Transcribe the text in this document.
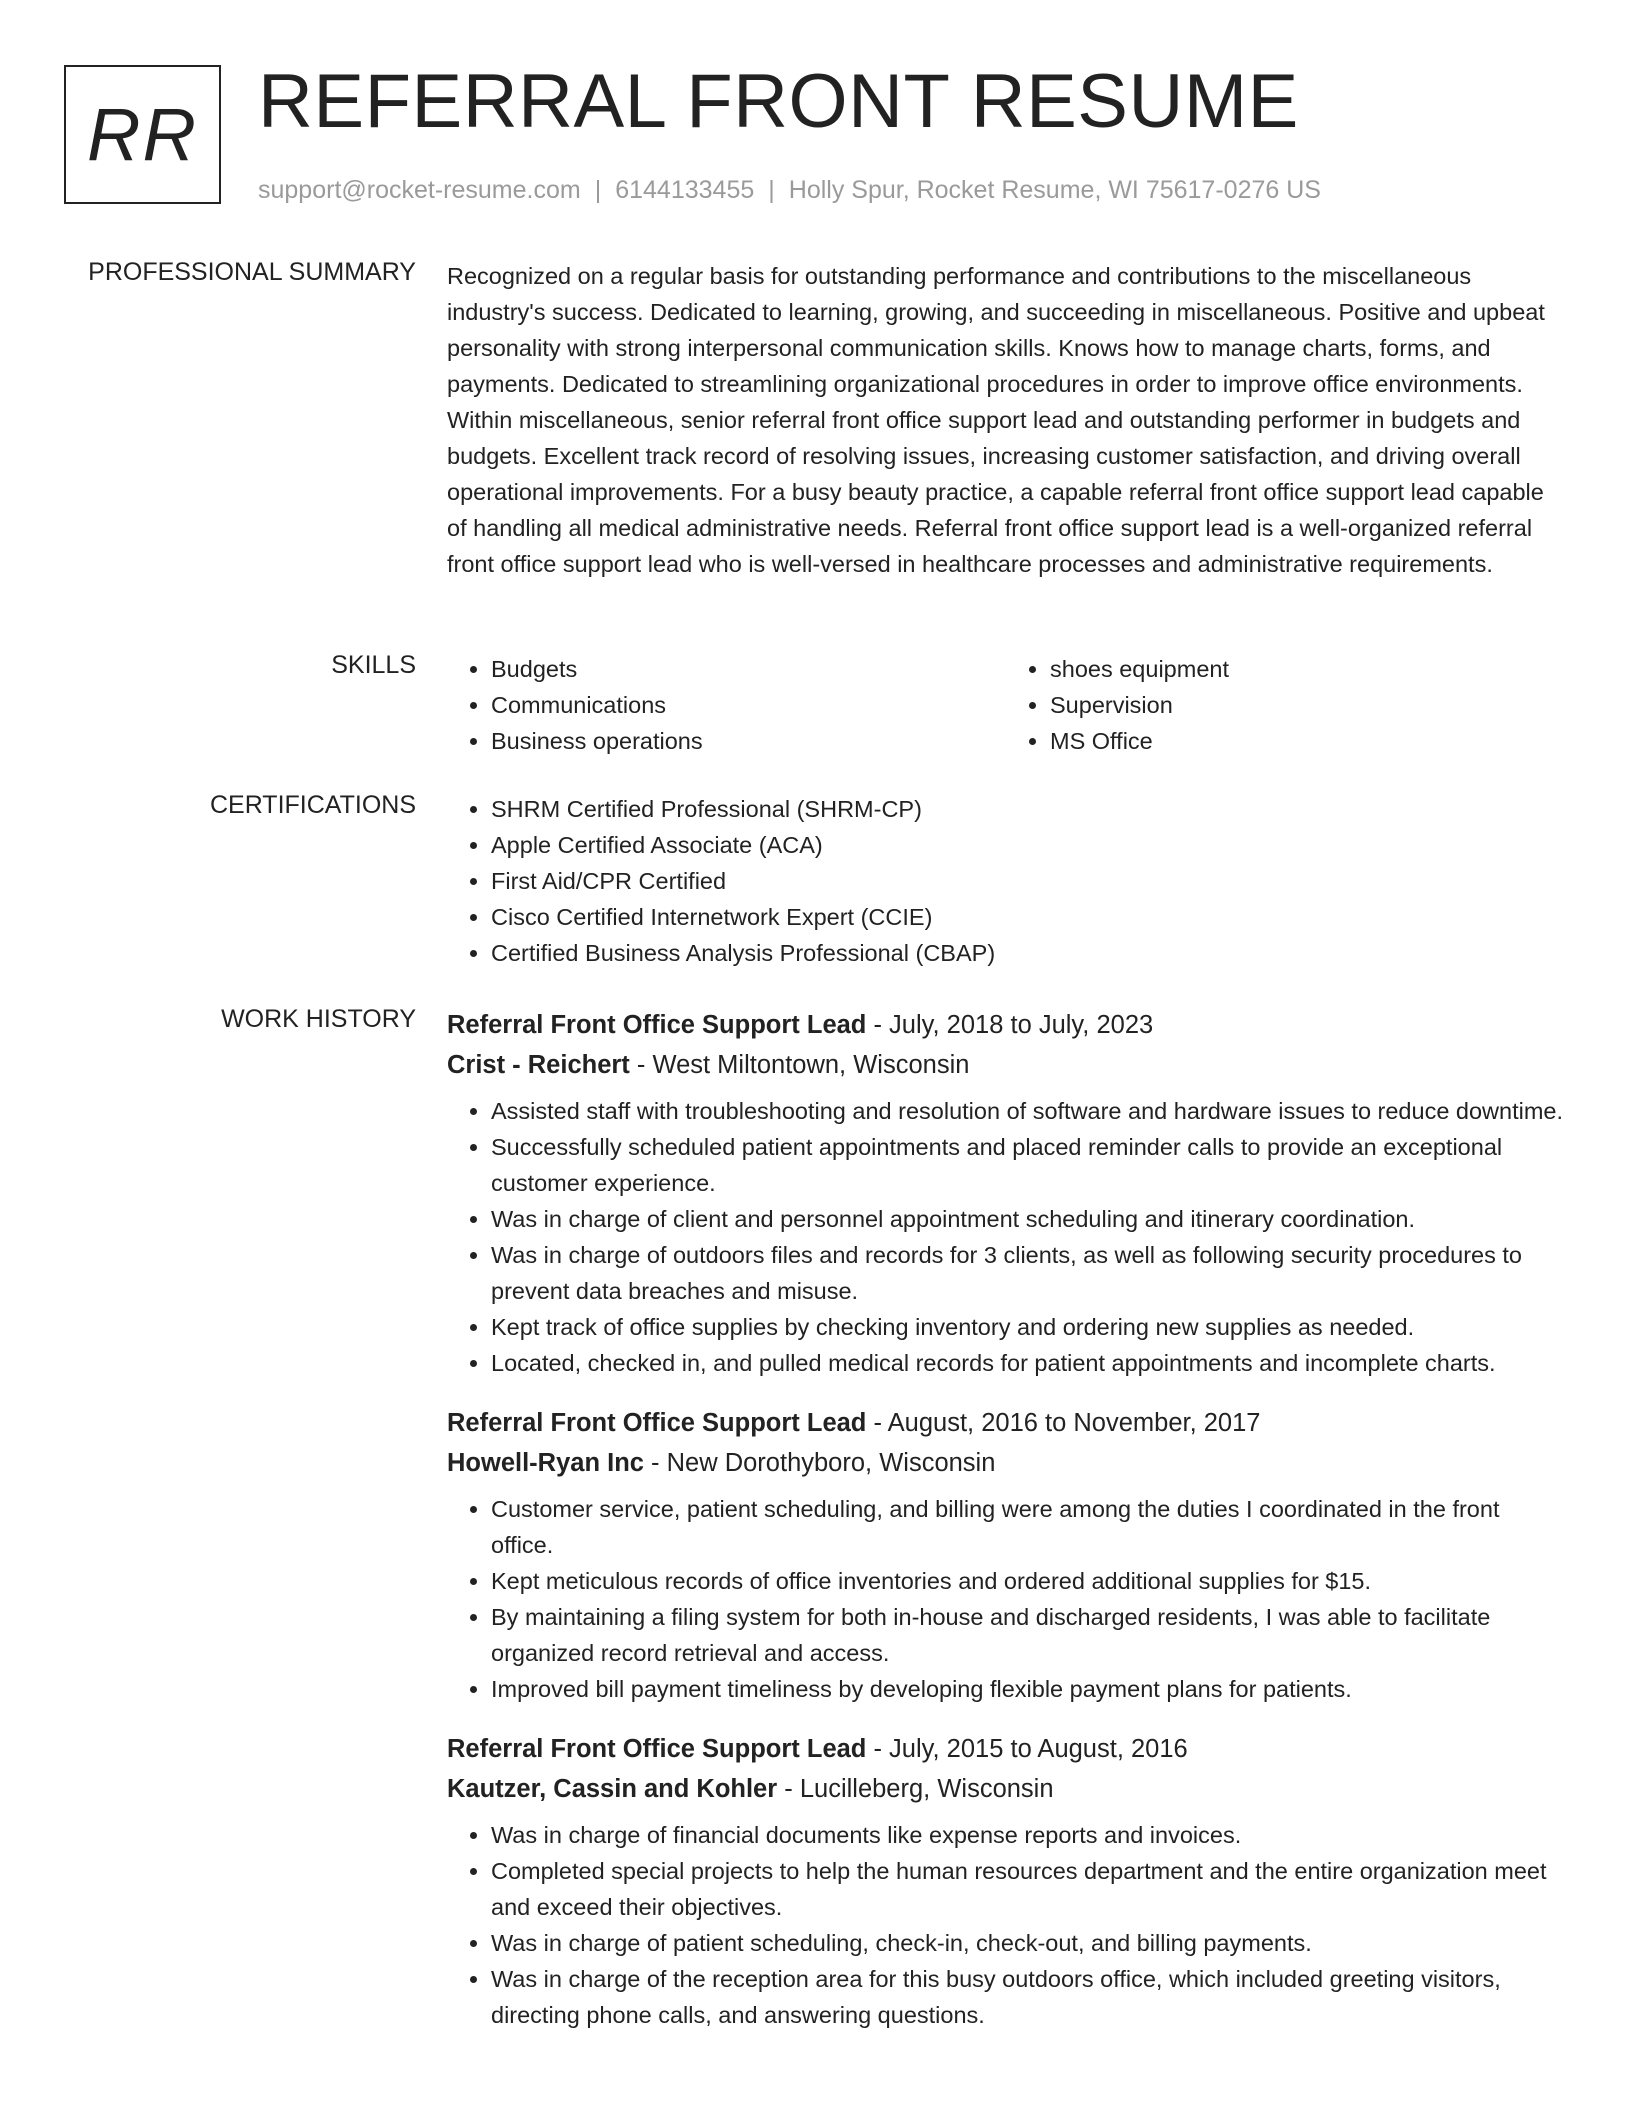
RR REFERRAL FRONT RESUME
support@rocket-resume.com | 6144133455 | Holly Spur, Rocket Resume, WI 75617-0276 US
PROFESSIONAL SUMMARY Recognized on a regular basis for outstanding performance and contributions to the miscellaneous industry's success. Dedicated to learning, growing, and succeeding in miscellaneous. Positive and upbeat personality with strong interpersonal communication skills. Knows how to manage charts, forms, and payments. Dedicated to streamlining organizational procedures in order to improve office environments. Within miscellaneous, senior referral front office support lead and outstanding performer in budgets and budgets. Excellent track record of resolving issues, increasing customer satisfaction, and driving overall operational improvements. For a busy beauty practice, a capable referral front office support lead capable of handling all medical administrative needs. Referral front office support lead is a well-organized referral front office support lead who is well-versed in healthcare processes and administrative requirements.
SKILLS	• Budgets
• Communications
• Business operations
• shoes equipment
• Supervision
• MS Office
CERTIFICATIONS	• SHRM Certified Professional (SHRM-CP)
• Apple Certified Associate (ACA)
• First Aid/CPR Certified
• Cisco Certified Internetwork Expert (CCIE)
• Certified Business Analysis Professional (CBAP)
WORK HISTORY Referral Front Office Support Lead - July, 2018 to July, 2023
Crist - Reichert - West Miltontown, Wisconsin
• Assisted staff with troubleshooting and resolution of software and hardware issues to reduce downtime.
• Successfully scheduled patient appointments and placed reminder calls to provide an exceptional customer experience.
• Was in charge of client and personnel appointment scheduling and itinerary coordination.
• Was in charge of outdoors files and records for 3 clients, as well as following security procedures to prevent data breaches and misuse.
• Kept track of office supplies by checking inventory and ordering new supplies as needed.
• Located, checked in, and pulled medical records for patient appointments and incomplete charts.
Referral Front Office Support Lead - August, 2016 to November, 2017
Howell-Ryan Inc - New Dorothyboro, Wisconsin
• Customer service, patient scheduling, and billing were among the duties I coordinated in the front office.
• Kept meticulous records of office inventories and ordered additional supplies for $15.
• By maintaining a filing system for both in-house and discharged residents, I was able to facilitate organized record retrieval and access.
• Improved bill payment timeliness by developing flexible payment plans for patients.
Referral Front Office Support Lead - July, 2015 to August, 2016
Kautzer, Cassin and Kohler - Lucilleberg, Wisconsin
• Was in charge of financial documents like expense reports and invoices.
• Completed special projects to help the human resources department and the entire organization meet and exceed their objectives.
• Was in charge of patient scheduling, check-in, check-out, and billing payments.
• Was in charge of the reception area for this busy outdoors office, which included greeting visitors, directing phone calls, and answering questions.
